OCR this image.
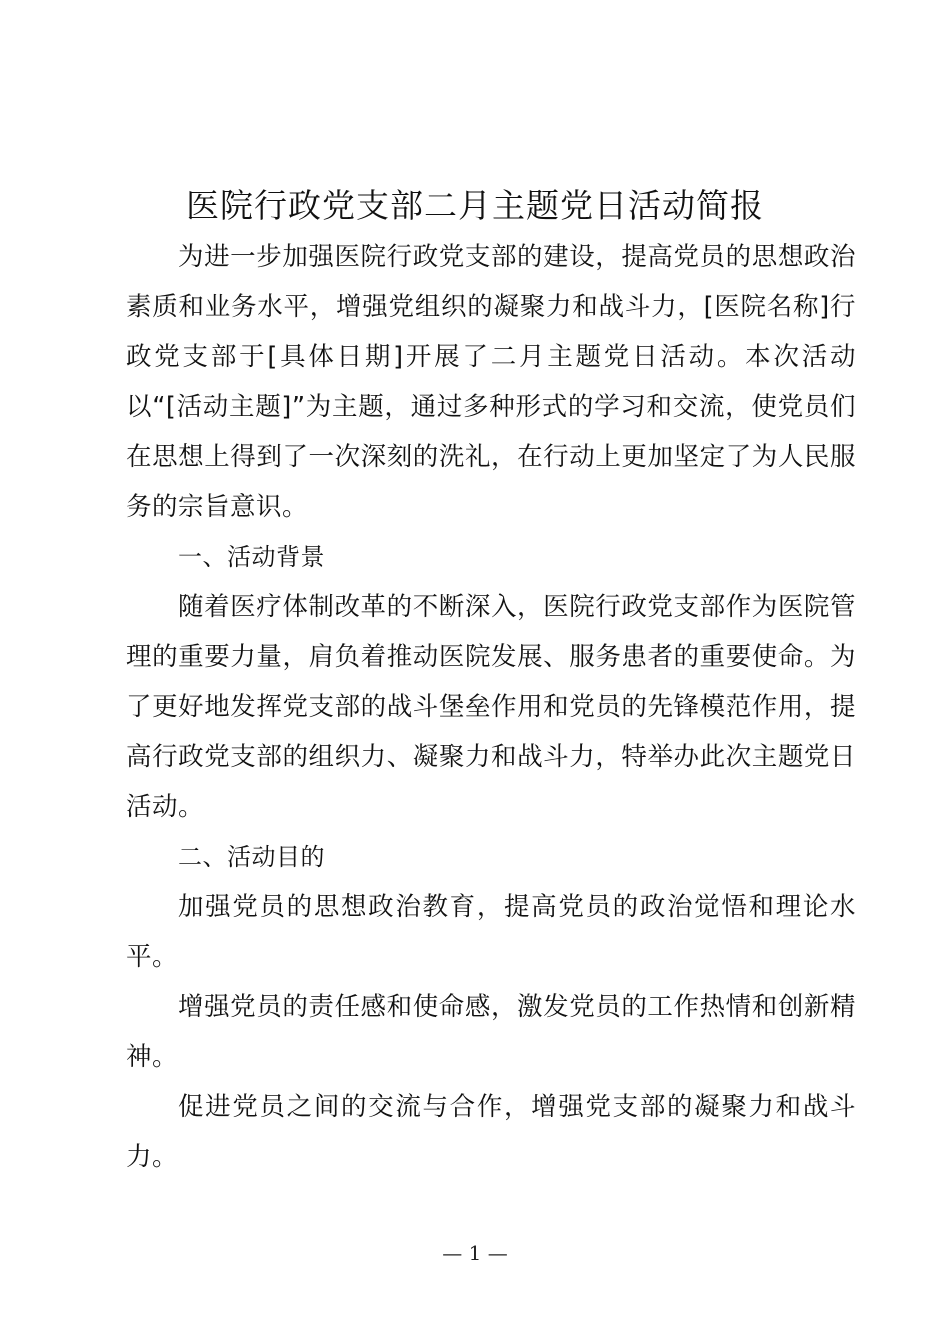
医院行政党支部二月主题党日活动简报

为进一步加强医院行政党支部的建设，提高党员的思想政治素质和业务水平，增强党组织的凝聚力和战斗力，[医院名称]行政党支部于[具体日期]开展了二月主题党日活动。本次活动以“[活动主题]”为主题，通过多种形式的学习和交流，使党员们在思想上得到了一次深刻的洗礼，在行动上更加坚定了为人民服务的宗旨意识。

一、活动背景

随着医疗体制改革的不断深入，医院行政党支部作为医院管理的重要力量，肩负着推动医院发展、服务患者的重要使命。为了更好地发挥党支部的战斗堡垒作用和党员的先锋模范作用，提高行政党支部的组织力、凝聚力和战斗力，特举办此次主题党日活动。

二、活动目的

加强党员的思想政治教育，提高党员的政治觉悟和理论水平。

增强党员的责任感和使命感，激发党员的工作热情和创新精神。

促进党员之间的交流与合作，增强党支部的凝聚力和战斗力。

— 1 —
